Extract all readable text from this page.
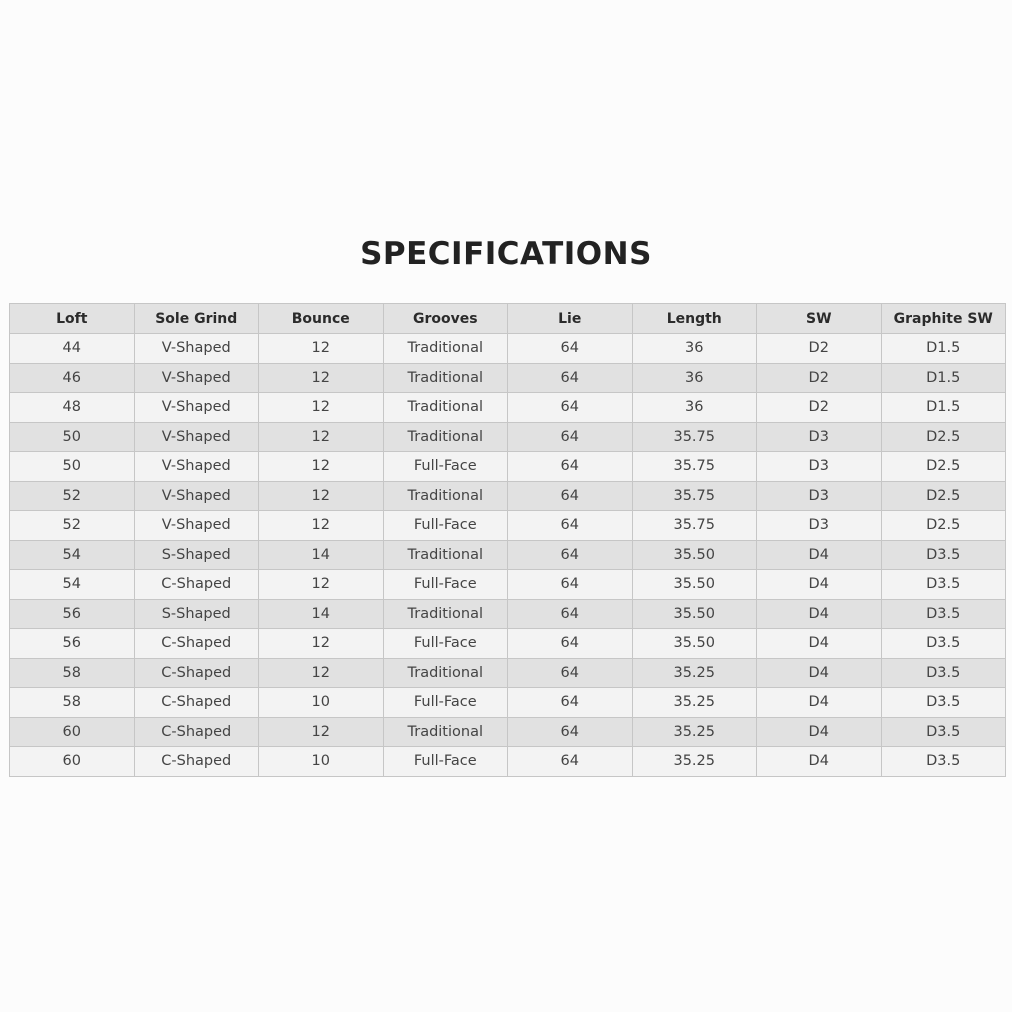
SPECIFICATIONS
Loft	Sole Grind	Bounce	Grooves	Lie	Length	SW	Graphite SW
44	V-Shaped	12	Traditional	64	36	D2	D1.5
46	V-Shaped	12	Traditional	64	36	D2	D1.5
48	V-Shaped	12	Traditional	64	36	D2	D1.5
50	V-Shaped	12	Traditional	64	35.75	D3	D2.5
50	V-Shaped	12	Full-Face	64	35.75	D3	D2.5
52	V-Shaped	12	Traditional	64	35.75	D3	D2.5
52	V-Shaped	12	Full-Face	64	35.75	D3	D2.5
54	S-Shaped	14	Traditional	64	35.50	D4	D3.5
54	C-Shaped	12	Full-Face	64	35.50	D4	D3.5
56	S-Shaped	14	Traditional	64	35.50	D4	D3.5
56	C-Shaped	12	Full-Face	64	35.50	D4	D3.5
58	C-Shaped	12	Traditional	64	35.25	D4	D3.5
58	C-Shaped	10	Full-Face	64	35.25	D4	D3.5
60	C-Shaped	12	Traditional	64	35.25	D4	D3.5
60	C-Shaped	10	Full-Face	64	35.25	D4	D3.5
